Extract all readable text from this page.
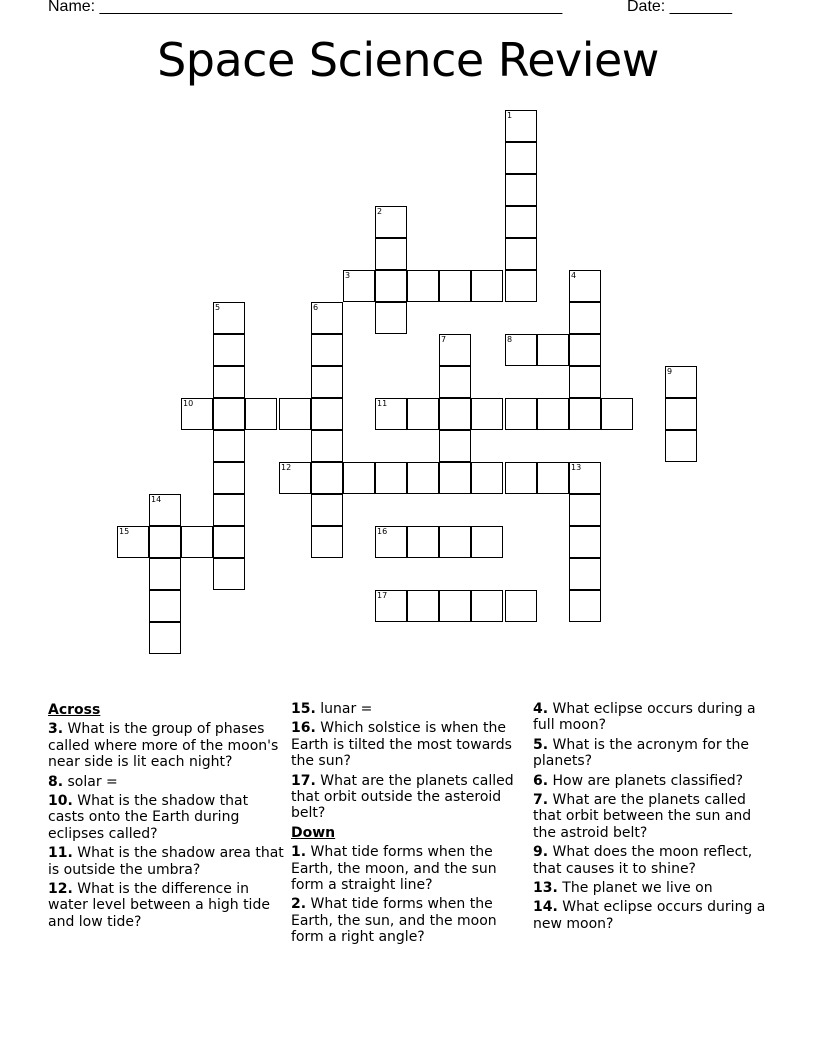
Name: ____________________________________________________	Date: _______
Space Science Review
1
2
3	4
5	6
7	8
9
10	11
12	13
14
15	16
17
Across
3. What is the group of phases called where more of the moon's near side is lit each night?
8. solar =
10. What is the shadow that casts onto the Earth during eclipses called?
11. What is the shadow area that is outside the umbra?
12. What is the difference in water level between a high tide and low tide?
15. lunar =
16. Which solstice is when the Earth is tilted the most towards the sun?
17. What are the planets called that orbit outside the asteroid belt?
Down
1. What tide forms when the Earth, the moon, and the sun form a straight line?
2. What tide forms when the Earth, the sun, and the moon form a right angle?
4. What eclipse occurs during a full moon?
5. What is the acronym for the planets?
6. How are planets classified?
7. What are the planets called that orbit between the sun and the astroid belt?
9. What does the moon reflect, that causes it to shine?
13. The planet we live on
14. What eclipse occurs during a new moon?
